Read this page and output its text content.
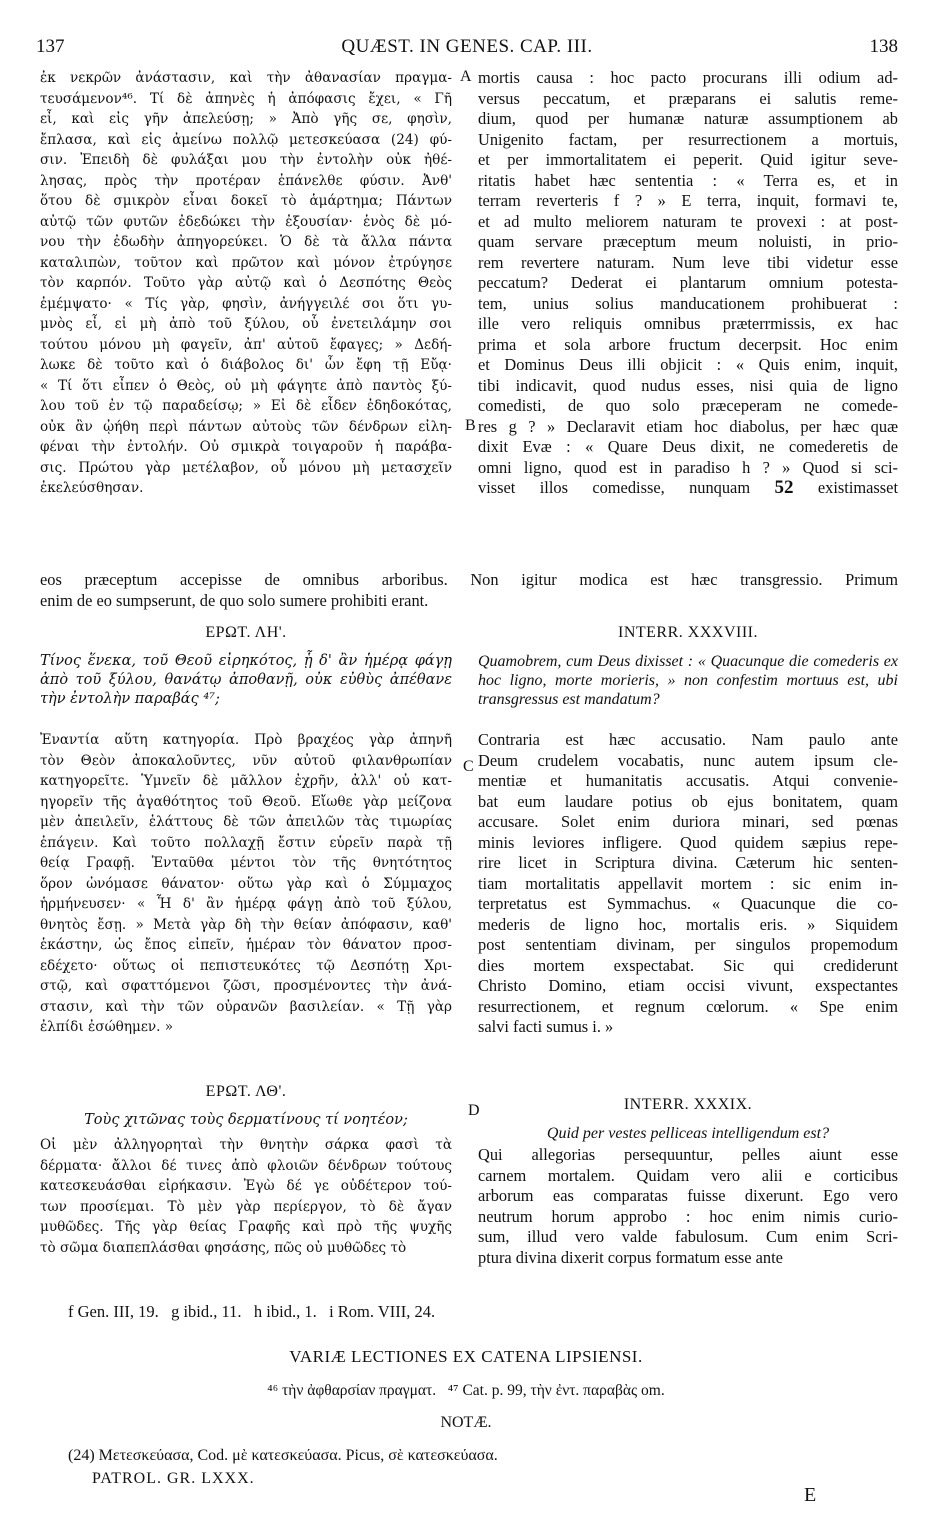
137	QUÆST. IN GENES. CAP. III.	138
ἐκ νεκρῶν ἀνάστασιν, καὶ τὴν ἀθανασίαν πραγμα-
τευσάμενον⁴⁶. Τί δὲ ἀπηνὲς ἡ ἀπόφασις ἔχει, « Γῆ
εἶ, καὶ εἰς γῆν ἀπελεύσῃ; » Ἀπὸ γῆς σε, φησὶν,
ἔπλασα, καὶ εἰς ἀμείνω πολλῷ μετεσκεύασα (24) φύ-
σιν. Ἐπειδὴ δὲ φυλάξαι μου τὴν ἐντολὴν οὐκ ἠθέ-
λησας, πρὸς τὴν προτέραν ἐπάνελθε φύσιν. Ἀνθ'
ὅτου δὲ σμικρὸν εἶναι δοκεῖ τὸ ἁμάρτημα; Πάντων
αὐτῷ τῶν φυτῶν ἐδεδώκει τὴν ἐξουσίαν· ἑνὸς δὲ μό-
νου τὴν ἐδωδὴν ἀπηγορεύκει. Ὁ δὲ τὰ ἄλλα πάντα
καταλιπὼν, τοῦτον καὶ πρῶτον καὶ μόνον ἐτρύγησε
τὸν καρπόν. Τοῦτο γὰρ αὐτῷ καὶ ὁ Δεσπότης Θεὸς
ἐμέμψατο· « Τίς γὰρ, φησὶν, ἀνήγγειλέ σοι ὅτι γυ-
μνὸς εἶ, εἰ μὴ ἀπὸ τοῦ ξύλου, οὗ ἐνετειλάμην σοι
τούτου μόνου μὴ φαγεῖν, ἀπ' αὐτοῦ ἔφαγες; » Δεδή-
λωκε δὲ τοῦτο καὶ ὁ διάβολος δι' ὧν ἔφη τῇ Εὔᾳ·
« Τί ὅτι εἶπεν ὁ Θεὸς, οὐ μὴ φάγητε ἀπὸ παντὸς ξύ-
λου τοῦ ἐν τῷ παραδείσῳ; » Εἰ δὲ εἶδεν ἐδηδοκότας,
οὐκ ἂν ᾠήθη περὶ πάντων αὐτοὺς τῶν δένδρων εἰλη-
φέναι τὴν ἐντολήν. Οὐ σμικρὰ τοιγαροῦν ἡ παράβα-
σις. Πρώτου γὰρ μετέλαβον, οὗ μόνου μὴ μετασχεῖν
ἐκελεύσθησαν.
mortis causa : hoc pacto procurans illi odium ad-
versus peccatum, et præparans ei salutis reme-
dium, quod per humanæ naturæ assumptionem ab
Unigenito factam, per resurrectionem a mortuis,
et per immortalitatem ei peperit. Quid igitur seve-
ritatis habet hæc sententia : « Terra es, et in
terram reverteris f ? » E terra, inquit, formavi te,
et ad multo meliorem naturam te provexi : at post-
quam servare præceptum meum noluisti, in prio-
rem revertere naturam. Num leve tibi videtur esse
peccatum? Dederat ei plantarum omnium potesta-
tem, unius solius manducationem prohibuerat :
ille vero reliquis omnibus præterrmissis, ex hac
prima et sola arbore fructum decerpsit. Hoc enim
et Dominus Deus illi objicit : « Quis enim, inquit,
tibi indicavit, quod nudus esses, nisi quia de ligno
comedisti, de quo solo præceperam ne comede-
res g ? » Declaravit etiam hoc diabolus, per hæc quæ
dixit Evæ : « Quare Deus dixit, ne comederetis de
omni ligno, quod est in paradiso h ? » Quod si sci-
visset illos comedisse, nunquam 52 existimasset
A
B
C
D
eos præceptum accepisse de omnibus arboribus. Non igitur modica est hæc transgressio. Primum
enim de eo sumpserunt, de quo solo sumere prohibiti erant.
ΕΡΩΤ. ΛΗ'.	INTERR. XXXVIII.
Τίνος ἕνεκα, τοῦ Θεοῦ εἰρηκότος, ᾗ δ' ἂν ἡμέρᾳ φάγῃ ἀπὸ τοῦ ξύλου, θανάτῳ ἀποθανῇ, οὐκ εὐθὺς ἀπέθανε τὴν ἐντολὴν παραβάς ⁴⁷;
Quamobrem, cum Deus dixisset : « Quacunque die comederis ex hoc ligno, morte morieris, » non confestim mortuus est, ubi transgressus est mandatum?
Ἐναντία αὕτη κατηγορία. Πρὸ βραχέος γὰρ ἀπηνῆ
τὸν Θεὸν ἀποκαλοῦντες, νῦν αὐτοῦ φιλανθρωπίαν
κατηγορεῖτε. Ὑμνεῖν δὲ μᾶλλον ἐχρῆν, ἀλλ' οὐ κατ-
ηγορεῖν τῆς ἀγαθότητος τοῦ Θεοῦ. Εἴωθε γὰρ μείζονα
μὲν ἀπειλεῖν, ἐλάττους δὲ τῶν ἀπειλῶν τὰς τιμωρίας
ἐπάγειν. Καὶ τοῦτο πολλαχῇ ἔστιν εὑρεῖν παρὰ τῇ
θείᾳ Γραφῇ. Ἐνταῦθα μέντοι τὸν τῆς θνητότητος
ὅρον ὠνόμασε θάνατον· οὕτω γὰρ καὶ ὁ Σύμμαχος
ἡρμήνευσεν· « Ἧ δ' ἂν ἡμέρᾳ φάγῃ ἀπὸ τοῦ ξύλου,
θνητὸς ἔσῃ. » Μετὰ γὰρ δὴ τὴν θείαν ἀπόφασιν, καθ'
ἑκάστην, ὡς ἔπος εἰπεῖν, ἡμέραν τὸν θάνατον προσ-
εδέχετο· οὕτως οἱ πεπιστευκότες τῷ Δεσπότῃ Χρι-
στῷ, καὶ σφαττόμενοι ζῶσι, προσμένοντες τὴν ἀνά-
στασιν, καὶ τὴν τῶν οὐρανῶν βασιλείαν. « Τῇ γὰρ
ἐλπίδι ἐσώθημεν. »
Contraria est hæc accusatio. Nam paulo ante
Deum crudelem vocabatis, nunc autem ipsum cle-
mentiæ et humanitatis accusatis. Atqui convenie-
bat eum laudare potius ob ejus bonitatem, quam
accusare. Solet enim duriora minari, sed pœnas
minis leviores infligere. Quod quidem sæpius repe-
rire licet in Scriptura divina. Cæterum hic senten-
tiam mortalitatis appellavit mortem : sic enim in-
terpretatus est Symmachus. « Quacunque die co-
mederis de ligno hoc, mortalis eris. » Siquidem
post sententiam divinam, per singulos propemodum
dies mortem exspectabat. Sic qui crediderunt
Christo Domino, etiam occisi vivunt, exspectantes
resurrectionem, et regnum cœlorum. « Spe enim
salvi facti sumus i. »
ΕΡΩΤ. ΛΘ'.
INTERR. XXXIX.
Τοὺς χιτῶνας τοὺς δερματίνους τί νοητέον;
Quid per vestes pelliceas intelligendum est?
Οἱ μὲν ἀλληγορηταὶ τὴν θνητὴν σάρκα φασὶ τὰ
δέρματα· ἄλλοι δέ τινες ἀπὸ φλοιῶν δένδρων τούτους
κατεσκευάσθαι εἰρήκασιν. Ἐγὼ δέ γε οὐδέτερον τού-
των προσίεμαι. Τὸ μὲν γὰρ περίεργον, τὸ δὲ ἄγαν
μυθῶδες. Τῆς γὰρ θείας Γραφῆς καὶ πρὸ τῆς ψυχῆς
τὸ σῶμα διαπεπλάσθαι φησάσης, πῶς οὐ μυθῶδες τὸ
Qui allegorias persequuntur, pelles aiunt esse
carnem mortalem. Quidam vero alii e corticibus
arborum eas comparatas fuisse dixerunt. Ego vero
neutrum horum approbo : hoc enim nimis curio-
sum, illud vero valde fabulosum. Cum enim Scri-
ptura divina dixerit corpus formatum esse ante
f Gen. III, 19.   g ibid., 11.   h ibid., 1.   i Rom. VIII, 24.
VARIÆ LECTIONES EX CATENA LIPSIENSI.
⁴⁶ τὴν ἀφθαρσίαν πραγματ.   ⁴⁷ Cat. p. 99, τὴν ἐντ. παραβὰς om.
NOTÆ.
(24) Μετεσκεύασα, Cod. μὲ κατεσκεύασα. Picus, σὲ κατεσκεύασα.
PATROL. GR. LXXX.
E
